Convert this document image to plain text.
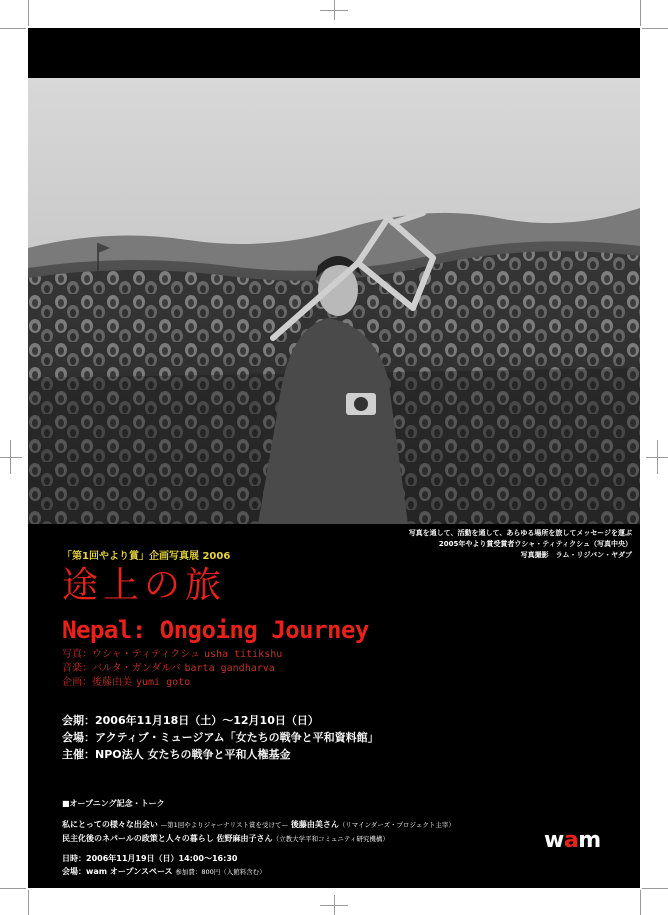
写真を通して、活動を通して、あらゆる場所を旅してメッセージを運ぶ
2005年やより賞受賞者ウシャ・ティティクシュ（写真中央）
写真撮影　ラム・リジバン・ヤダブ
「第1回やより賞」企画写真展 2006
途上の旅
Nepal: Ongoing Journey
写真：ウシャ・ティティクシュ usha titikshu
音楽：バルタ・ガンダルバ barta gandharva
企画：後藤由美 yumi goto
会期：2006年11月18日（土）〜12月10日（日）
会場：アクティブ・ミュージアム「女たちの戦争と平和資料館」
主催：NPO法人 女たちの戦争と平和人権基金
■オープニング記念・トーク
私にとっての様々な出会い —第1回やよりジャーナリスト賞を受けて— 後藤由美さん（リマインダーズ・プロジェクト主宰）
民主化後のネパールの政策と人々の暮らし 佐野麻由子さん（立教大学平和コミュニティ研究機構）
日時：2006年11月19日（日）14:00〜16:30
会場：wam オープンスペース 参加費：800円（入館料含む）
wam
